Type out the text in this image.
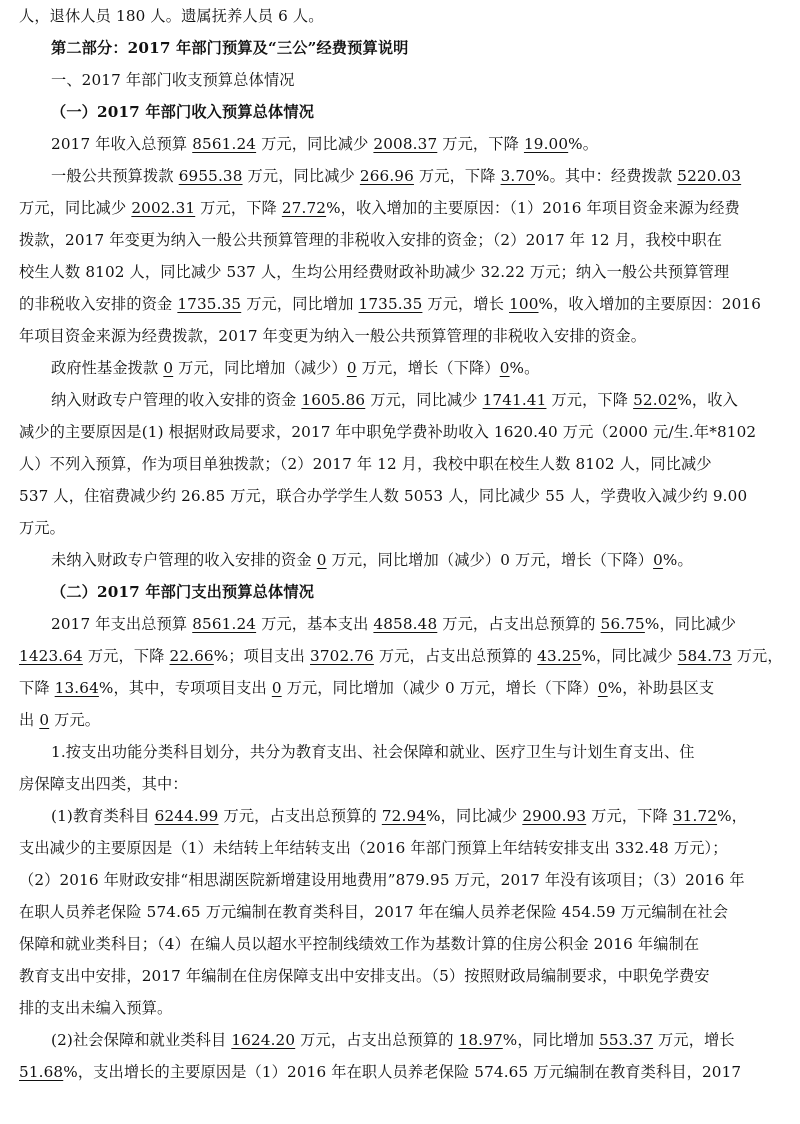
人，退休人员 180 人。遗属抚养人员 6 人。
第二部分：2017 年部门预算及“三公”经费预算说明
一、2017 年部门收支预算总体情况
（一）2017 年部门收入预算总体情况
2017 年收入总预算 8561.24 万元，同比减少 2008.37 万元，下降 19.00%。
一般公共预算拨款 6955.38 万元，同比减少 266.96 万元，下降 3.70%。其中：经费拨款 5220.03
万元，同比减少 2002.31 万元，下降 27.72%，收入增加的主要原因：（1）2016 年项目资金来源为经费
拨款，2017 年变更为纳入一般公共预算管理的非税收入安排的资金；（2）2017 年 12 月，我校中职在
校生人数 8102 人，同比减少 537 人，生均公用经费财政补助减少 32.22 万元；纳入一般公共预算管理
的非税收入安排的资金 1735.35 万元，同比增加 1735.35 万元，增长 100%，收入增加的主要原因：2016
年项目资金来源为经费拨款，2017 年变更为纳入一般公共预算管理的非税收入安排的资金。
政府性基金拨款 0 万元，同比增加（减少）0 万元，增长（下降）0%。
纳入财政专户管理的收入安排的资金 1605.86 万元，同比减少 1741.41 万元，下降 52.02%，收入
减少的主要原因是(1) 根据财政局要求，2017 年中职免学费补助收入 1620.40 万元（2000 元/生.年*8102
人）不列入预算，作为项目单独拨款；（2）2017 年 12 月，我校中职在校生人数 8102 人，同比减少
537 人，住宿费减少约 26.85 万元，联合办学学生人数 5053 人，同比减少 55 人，学费收入减少约 9.00
万元。
未纳入财政专户管理的收入安排的资金 0 万元，同比增加（减少）0 万元，增长（下降）0%。
（二）2017 年部门支出预算总体情况
2017 年支出总预算 8561.24 万元，基本支出 4858.48 万元，占支出总预算的 56.75%，同比减少
1423.64 万元，下降 22.66%；项目支出 3702.76 万元，占支出总预算的 43.25%，同比减少 584.73 万元，
下降 13.64%，其中，专项项目支出 0 万元，同比增加（减少 0 万元，增长（下降）0%，补助县区支
出 0 万元。
1.按支出功能分类科目划分，共分为教育支出、社会保障和就业、医疗卫生与计划生育支出、住
房保障支出四类，其中：
(1)教育类科目 6244.99 万元，占支出总预算的 72.94%，同比减少 2900.93 万元，下降 31.72%，
支出减少的主要原因是（1）未结转上年结转支出（2016 年部门预算上年结转安排支出 332.48 万元）；
（2）2016 年财政安排“相思湖医院新增建设用地费用”879.95 万元，2017 年没有该项目；（3）2016 年
在职人员养老保险 574.65 万元编制在教育类科目，2017 年在编人员养老保险 454.59 万元编制在社会
保障和就业类科目；（4）在编人员以超水平控制线绩效工作为基数计算的住房公积金 2016 年编制在
教育支出中安排，2017 年编制在住房保障支出中安排支出。（5）按照财政局编制要求，中职免学费安
排的支出未编入预算。
(2)社会保障和就业类科目 1624.20 万元，占支出总预算的 18.97%，同比增加 553.37 万元，增长
51.68%，支出增长的主要原因是（1）2016 年在职人员养老保险 574.65 万元编制在教育类科目，2017
